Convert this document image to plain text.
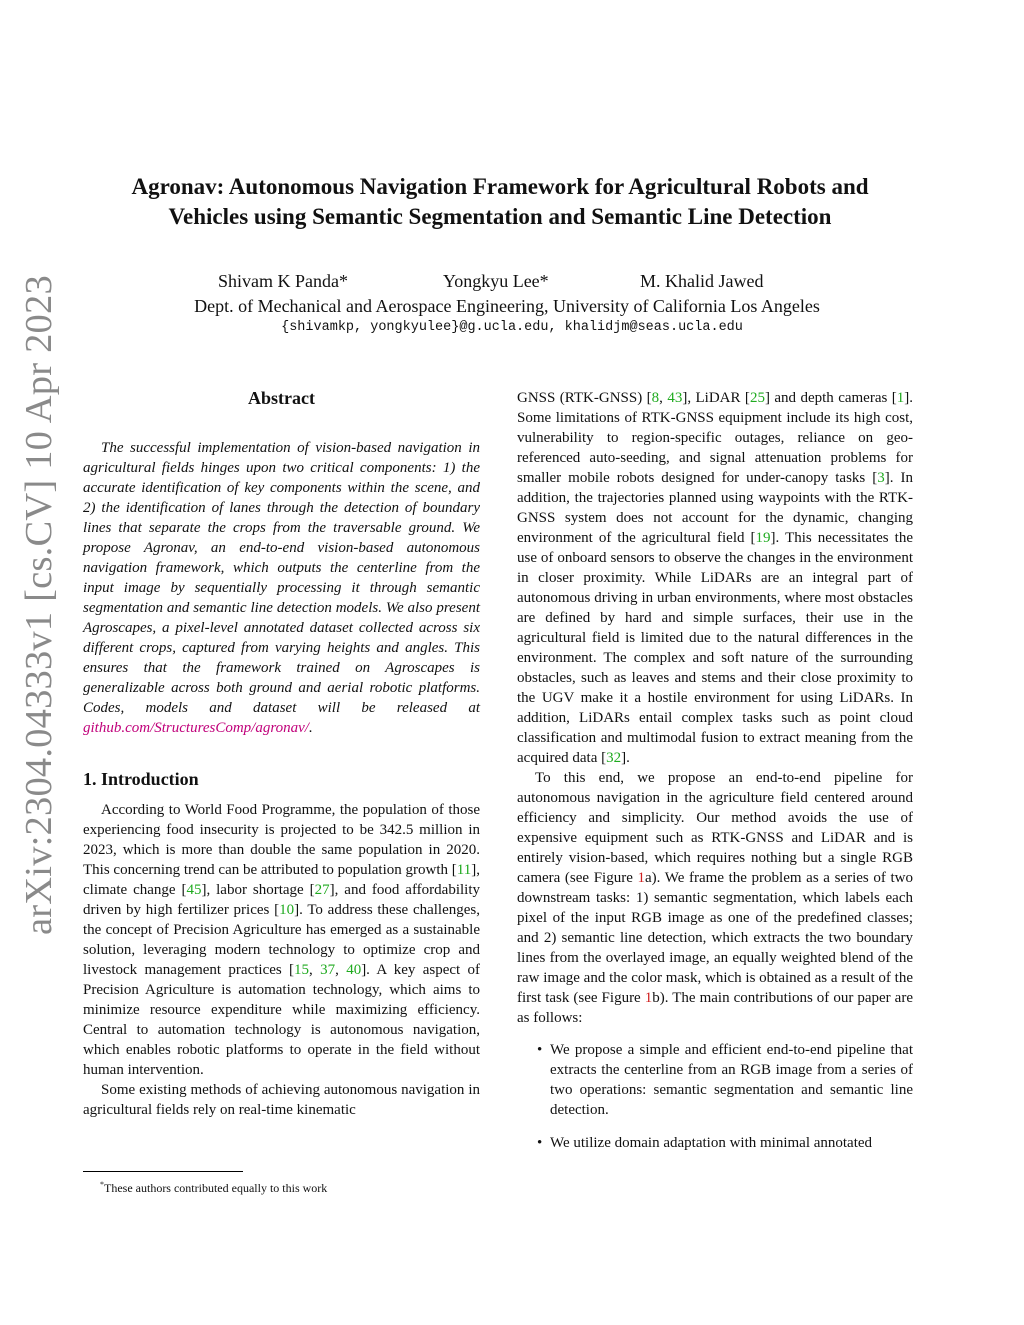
arXiv:2304.04333v1 [cs.CV] 10 Apr 2023
Agronav: Autonomous Navigation Framework for Agricultural Robots and
Vehicles using Semantic Segmentation and Semantic Line Detection
Shivam K Panda*	Yongkyu Lee*	M. Khalid Jawed
Dept. of Mechanical and Aerospace Engineering, University of California Los Angeles
{shivamkp, yongkyulee}@g.ucla.edu, khalidjm@seas.ucla.edu
Abstract

The successful implementation of vision-based navigation in agricultural fields hinges upon two critical components: 1) the accurate identification of key components within the scene, and 2) the identification of lanes through the detection of boundary lines that separate the crops from the traversable ground. We propose Agronav, an end-to-end vision-based autonomous navigation framework, which outputs the centerline from the input image by sequentially processing it through semantic segmentation and semantic line detection models. We also present Agroscapes, a pixel-level annotated dataset collected across six different crops, captured from varying heights and angles. This ensures that the framework trained on Agroscapes is generalizable across both ground and aerial robotic platforms. Codes, models and dataset will be released at github.com/StructuresComp/agronav/.

1. Introduction

According to World Food Programme, the population of those experiencing food insecurity is projected to be 342.5 million in 2023, which is more than double the same population in 2020. This concerning trend can be attributed to population growth [11], climate change [45], labor shortage [27], and food affordability driven by high fertilizer prices [10]. To address these challenges, the concept of Precision Agriculture has emerged as a sustainable solution, leveraging modern technology to optimize crop and livestock management practices [15, 37, 40]. A key aspect of Precision Agriculture is automation technology, which aims to minimize resource expenditure while maximizing efficiency. Central to automation technology is autonomous navigation, which enables robotic platforms to operate in the field without human intervention.

Some existing methods of achieving autonomous navigation in agricultural fields rely on real-time kinematic

GNSS (RTK-GNSS) [8, 43], LiDAR [25] and depth cameras [1]. Some limitations of RTK-GNSS equipment include its high cost, vulnerability to region-specific outages, reliance on geo-referenced auto-seeding, and signal attenuation problems for smaller mobile robots designed for under-canopy tasks [3]. In addition, the trajectories planned using waypoints with the RTK-GNSS system does not account for the dynamic, changing environment of the agricultural field [19]. This necessitates the use of onboard sensors to observe the changes in the environment in closer proximity. While LiDARs are an integral part of autonomous driving in urban environments, where most obstacles are defined by hard and simple surfaces, their use in the agricultural field is limited due to the natural differences in the environment. The complex and soft nature of the surrounding obstacles, such as leaves and stems and their close proximity to the UGV make it a hostile environment for using LiDARs. In addition, LiDARs entail complex tasks such as point cloud classification and multimodal fusion to extract meaning from the acquired data [32].

To this end, we propose an end-to-end pipeline for autonomous navigation in the agriculture field centered around efficiency and simplicity. Our method avoids the use of expensive equipment such as RTK-GNSS and LiDAR and is entirely vision-based, which requires nothing but a single RGB camera (see Figure 1a). We frame the problem as a series of two downstream tasks: 1) semantic segmentation, which labels each pixel of the input RGB image as one of the predefined classes; and 2) semantic line detection, which extracts the two boundary lines from the overlayed image, an equally weighted blend of the raw image and the color mask, which is obtained as a result of the first task (see Figure 1b). The main contributions of our paper are as follows:

• We propose a simple and efficient end-to-end pipeline that extracts the centerline from an RGB image from a series of two operations: semantic segmentation and semantic line detection.
• We utilize domain adaptation with minimal annotated
*These authors contributed equally to this work
